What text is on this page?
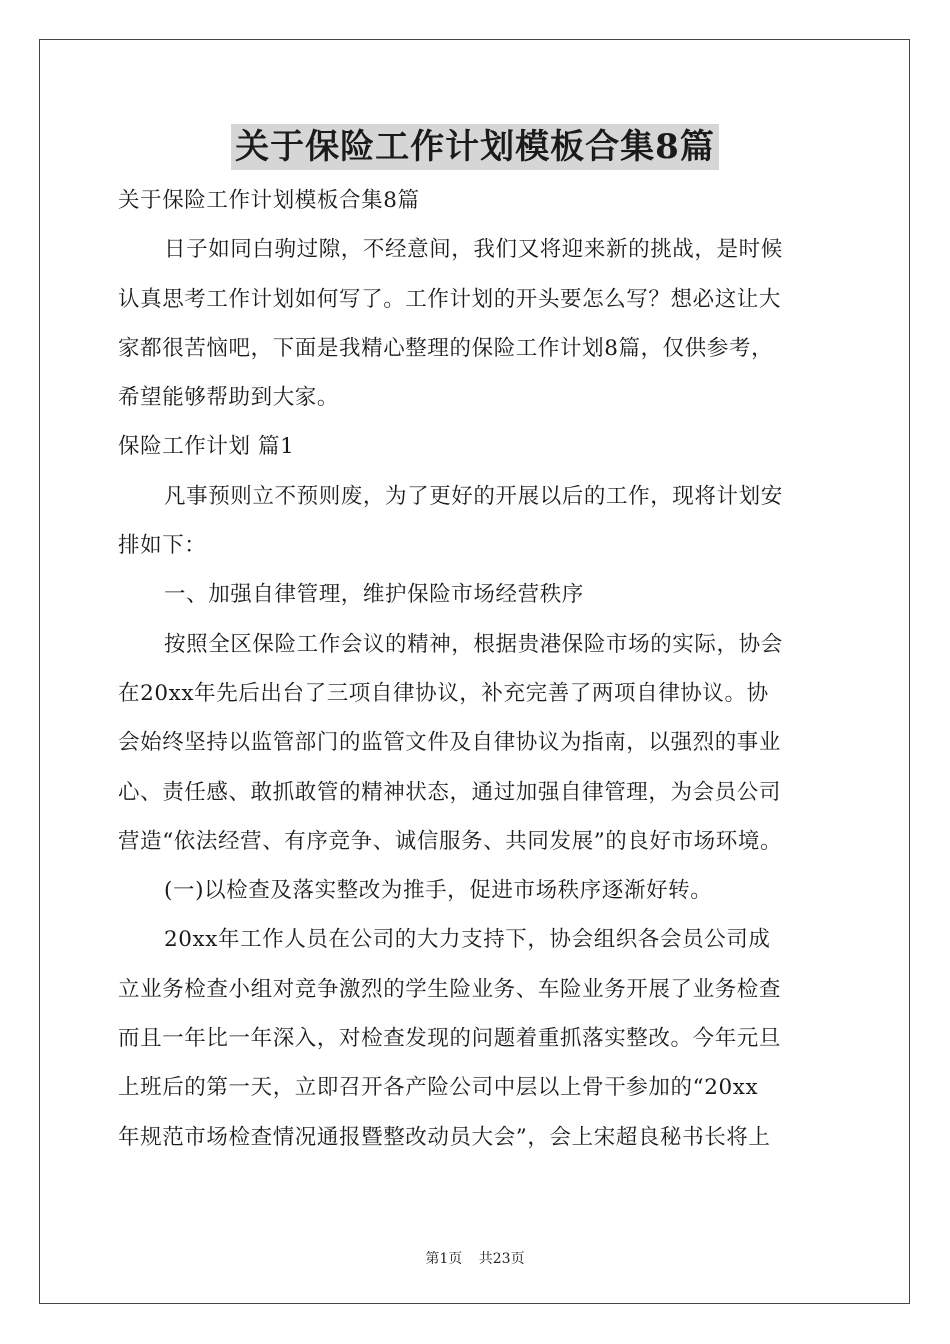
关于保险工作计划模板合集8篇
关于保险工作计划模板合集8篇
日子如同白驹过隙，不经意间，我们又将迎来新的挑战，是时候
认真思考工作计划如何写了。工作计划的开头要怎么写？想必这让大
家都很苦恼吧，下面是我精心整理的保险工作计划8篇，仅供参考，
希望能够帮助到大家。
保险工作计划 篇1
凡事预则立不预则废，为了更好的开展以后的工作，现将计划安
排如下：
一、加强自律管理，维护保险市场经营秩序
按照全区保险工作会议的精神，根据贵港保险市场的实际，协会
在20xx年先后出台了三项自律协议，补充完善了两项自律协议。协
会始终坚持以监管部门的监管文件及自律协议为指南，以强烈的事业
心、责任感、敢抓敢管的精神状态，通过加强自律管理，为会员公司
营造“依法经营、有序竞争、诚信服务、共同发展”的良好市场环境。
(一)以检查及落实整改为推手，促进市场秩序逐渐好转。
20xx年工作人员在公司的大力支持下，协会组织各会员公司成
立业务检查小组对竞争激烈的学生险业务、车险业务开展了业务检查
而且一年比一年深入，对检查发现的问题着重抓落实整改。今年元旦
上班后的第一天，立即召开各产险公司中层以上骨干参加的“20xx
年规范市场检查情况通报暨整改动员大会”，会上宋超良秘书长将上
第1页 共23页
